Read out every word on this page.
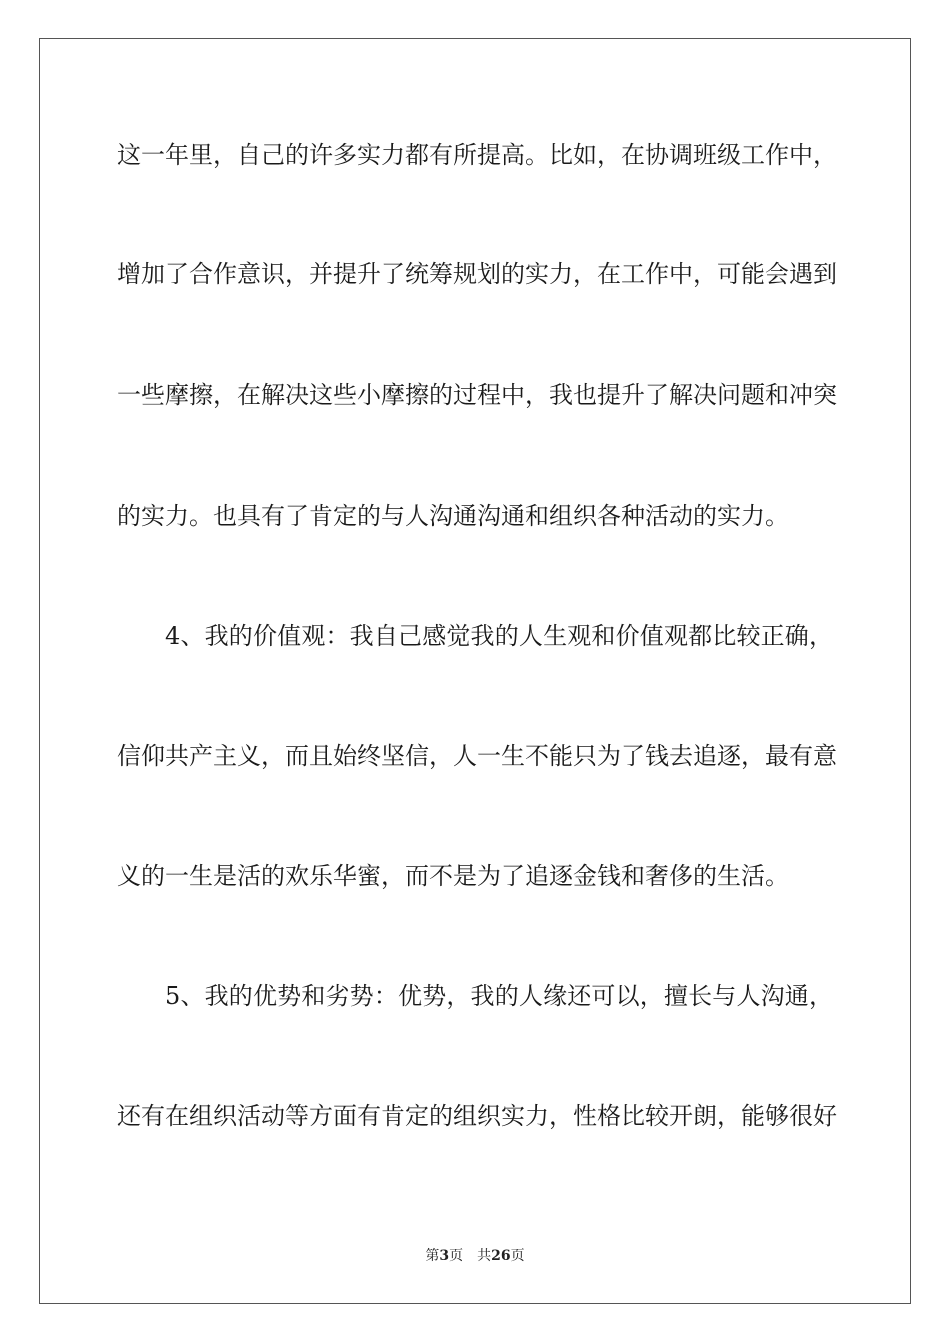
这一年里，自己的许多实力都有所提高。比如，在协调班级工作中，
增加了合作意识，并提升了统筹规划的实力，在工作中，可能会遇到
一些摩擦，在解决这些小摩擦的过程中，我也提升了解决问题和冲突
的实力。也具有了肯定的与人沟通沟通和组织各种活动的实力。
4、我的价值观：我自己感觉我的人生观和价值观都比较正确，
信仰共产主义，而且始终坚信，人一生不能只为了钱去追逐，最有意
义的一生是活的欢乐华蜜，而不是为了追逐金钱和奢侈的生活。
5、我的优势和劣势：优势，我的人缘还可以，擅长与人沟通，
还有在组织活动等方面有肯定的组织实力，性格比较开朗，能够很好
第3页 共26页
